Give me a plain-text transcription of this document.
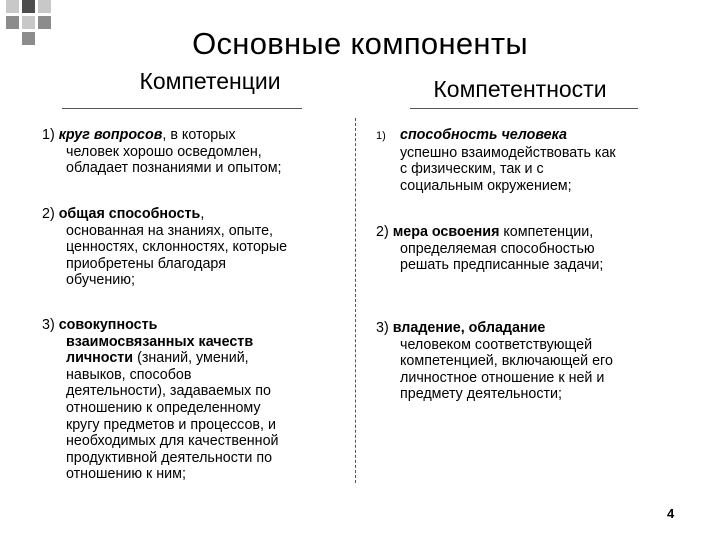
Основные компоненты
Компетенции	Компетентности
1) круг вопросов, в которых
человек хорошо осведомлен,
обладает познаниями и опытом;
2) общая способность,
основанная на знаниях, опыте,
ценностях, склонностях, которые
приобретены благодаря
обучению;
3) совокупность
взаимосвязанных качеств
личности (знаний, умений,
навыков, способов
деятельности), задаваемых по
отношению к определенному
кругу предметов и процессов, и
необходимых для качественной
продуктивной деятельности по
отношению к ним;
1) способность человека
успешно взаимодействовать как
с физическим, так и с
социальным окружением;
2) мера освоения компетенции,
определяемая способностью
решать предписанные задачи;
3) владение, обладание
человеком соответствующей
компетенцией, включающей его
личностное отношение к ней и
предмету деятельности;
4
